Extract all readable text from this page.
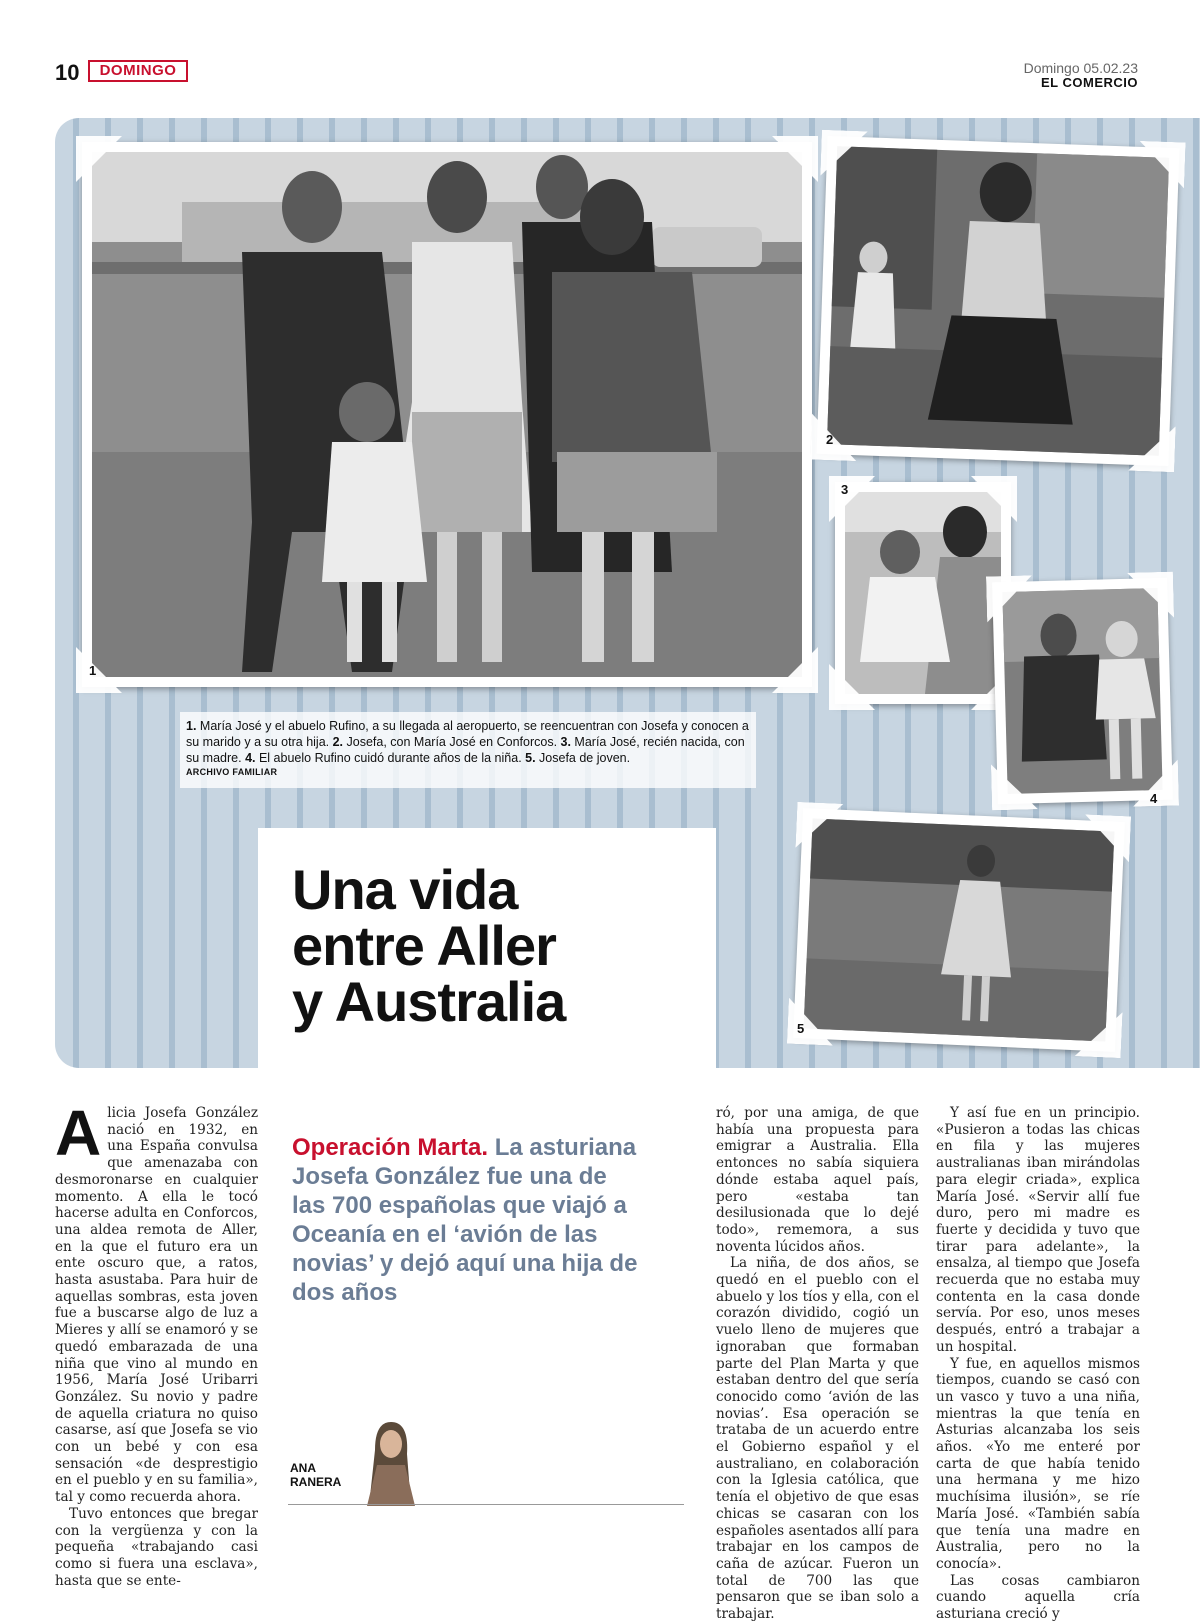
10	DOMINGO	Domingo 05.02.23
EL COMERCIO
1
2
3
4
5
1. María José y el abuelo Rufino, a su llegada al aeropuerto, se reencuentran con Josefa y conocen a su marido y a su otra hija. 2. Josefa, con María José en Conforcos. 3. María José, recién nacida, con su madre. 4. El abuelo Rufino cuidó durante años de la niña. 5. Josefa de joven.
ARCHIVO FAMILIAR
Una vida
entre Aller
y Australia
Operación Marta. La asturiana Josefa González fue una de las 700 españolas que viajó a Oceanía en el ‘avión de las novias’ y dejó aquí una hija de dos años

Alicia Josefa González nació en 1932, en una España convulsa que amenazaba con desmoronarse en cualquier momento. A ella le tocó hacerse adulta en Conforcos, una aldea remota de Aller, en la que el futuro era un ente oscuro que, a ratos, hasta asustaba. Para huir de aquellas sombras, esta joven fue a buscarse algo de luz a Mieres y allí se enamoró y se quedó embarazada de una niña que vino al mundo en 1956, María José Uribarri González. Su novio y padre de aquella criatura no quiso casarse, así que Josefa se vio con un bebé y con esa sensación «de desprestigio en el pueblo y en su familia», tal y como recuerda ahora.

Tuvo entonces que bregar con la vergüenza y con la pequeña «trabajando casi como si fuera una esclava», hasta que se ente-

ANA
RANERA

ró, por una amiga, de que había una propuesta para emigrar a Australia. Ella entonces no sabía siquiera dónde estaba aquel país, pero «estaba tan desilusionada que lo dejé todo», rememora, a sus noventa lúcidos años.

La niña, de dos años, se quedó en el pueblo con el abuelo y los tíos y ella, con el corazón dividido, cogió un vuelo lleno de mujeres que ignoraban que formaban parte del Plan Marta y que estaban dentro del que sería conocido como ‘avión de las novias’. Esa operación se trataba de un acuerdo entre el Gobierno español y el australiano, en colaboración con la Iglesia católica, que tenía el objetivo de que esas chicas se casaran con los españoles asentados allí para trabajar en los campos de caña de azúcar. Fueron un total de 700 las que pensaron que se iban solo a trabajar.

Y así fue en un principio. «Pusieron a todas las chicas en fila y las mujeres australianas iban mirándolas para elegir criada», explica María José. «Servir allí fue duro, pero mi madre es fuerte y decidida y tuvo que tirar para adelante», la ensalza, al tiempo que Josefa recuerda que no estaba muy contenta en la casa donde servía. Por eso, unos meses después, entró a trabajar a un hospital.

Y fue, en aquellos mismos tiempos, cuando se casó con un vasco y tuvo a una niña, mientras la que tenía en Asturias alcanzaba los seis años. «Yo me enteré por carta de que había tenido una hermana y me hizo muchísima ilusión», se ríe María José. «También sabía que tenía una madre en Australia, pero no la conocía».

Las cosas cambiaron cuando aquella cría asturiana creció y
